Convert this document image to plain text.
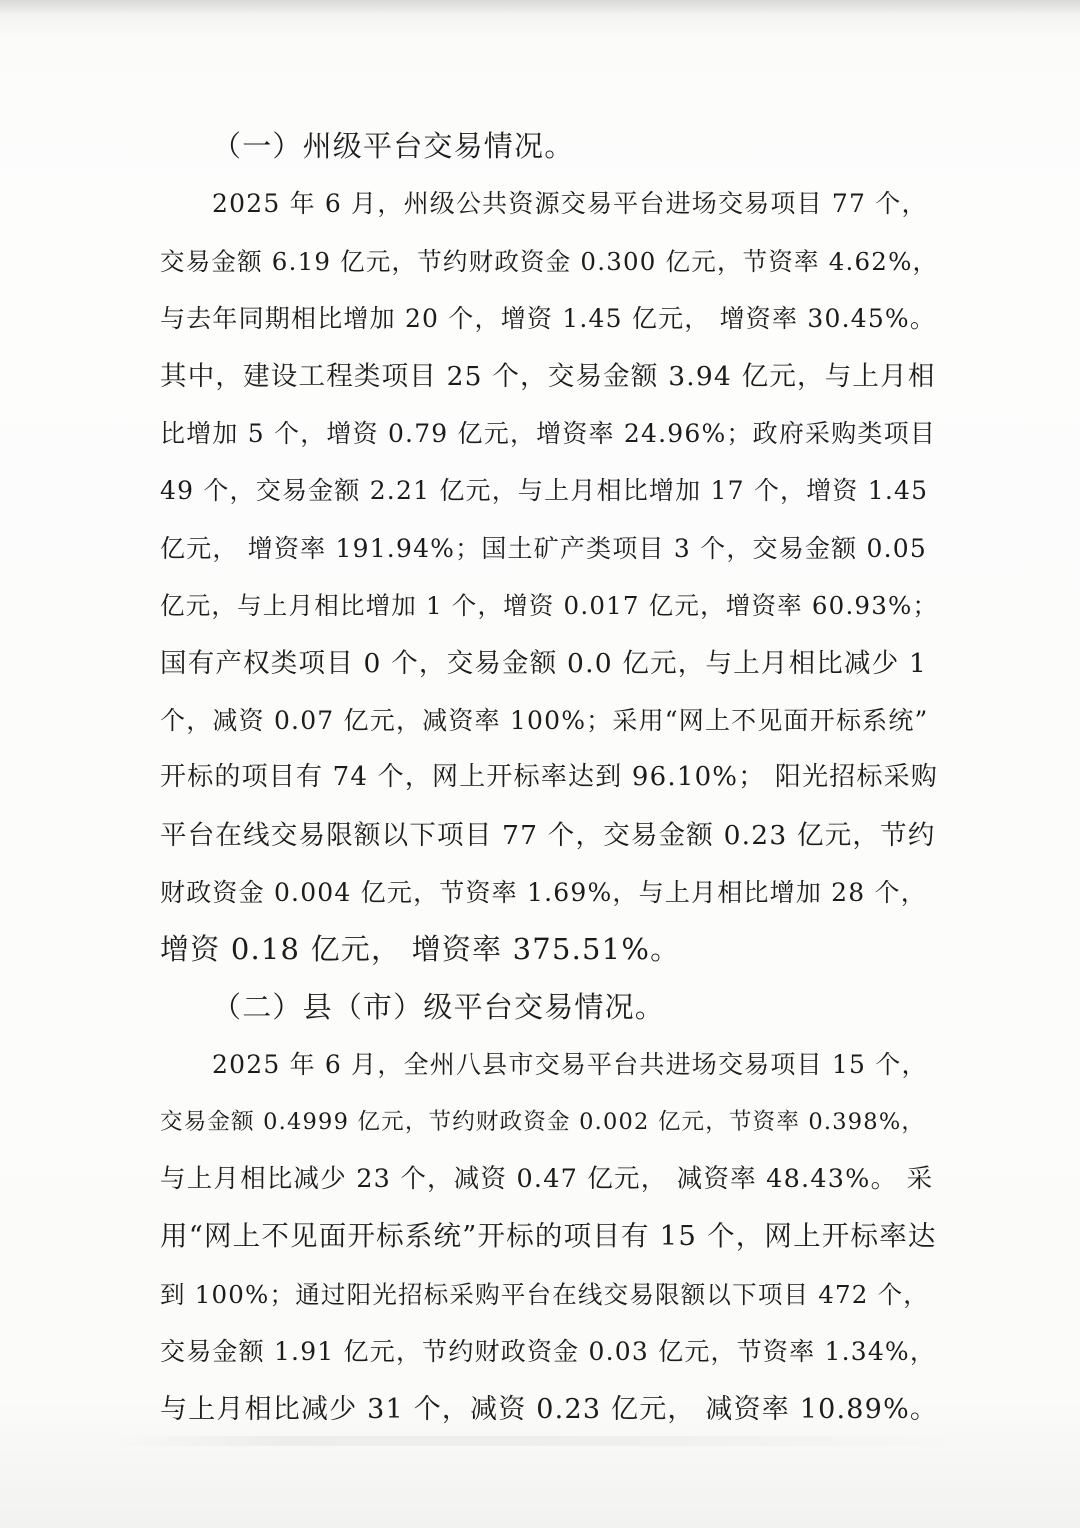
（一）州级平台交易情况。
2025 年 6 月，州级公共资源交易平台进场交易项目 77 个，
交易金额 6.19 亿元，节约财政资金 0.300 亿元，节资率 4.62%，
与去年同期相比增加 20 个，增资 1.45 亿元， 增资率 30.45%。
其中，建设工程类项目 25 个，交易金额 3.94 亿元，与上月相
比增加 5 个，增资 0.79 亿元，增资率 24.96%；政府采购类项目
49 个，交易金额 2.21 亿元，与上月相比增加 17 个，增资 1.45
亿元， 增资率 191.94%；国土矿产类项目 3 个，交易金额 0.05
亿元，与上月相比增加 1 个，增资 0.017 亿元，增资率 60.93%；
国有产权类项目 0 个，交易金额 0.0 亿元，与上月相比减少 1
个，减资 0.07 亿元，减资率 100%；采用“网上不见面开标系统”
开标的项目有 74 个，网上开标率达到 96.10%； 阳光招标采购
平台在线交易限额以下项目 77 个，交易金额 0.23 亿元，节约
财政资金 0.004 亿元，节资率 1.69%，与上月相比增加 28 个，
增资 0.18 亿元， 增资率 375.51%。
（二）县（市）级平台交易情况。
2025 年 6 月，全州八县市交易平台共进场交易项目 15 个，
交易金额 0.4999 亿元，节约财政资金 0.002 亿元，节资率 0.398%，
与上月相比减少 23 个，减资 0.47 亿元， 减资率 48.43%。 采
用“网上不见面开标系统”开标的项目有 15 个，网上开标率达
到 100%；通过阳光招标采购平台在线交易限额以下项目 472 个，
交易金额 1.91 亿元，节约财政资金 0.03 亿元，节资率 1.34%，
与上月相比减少 31 个，减资 0.23 亿元， 减资率 10.89%。
